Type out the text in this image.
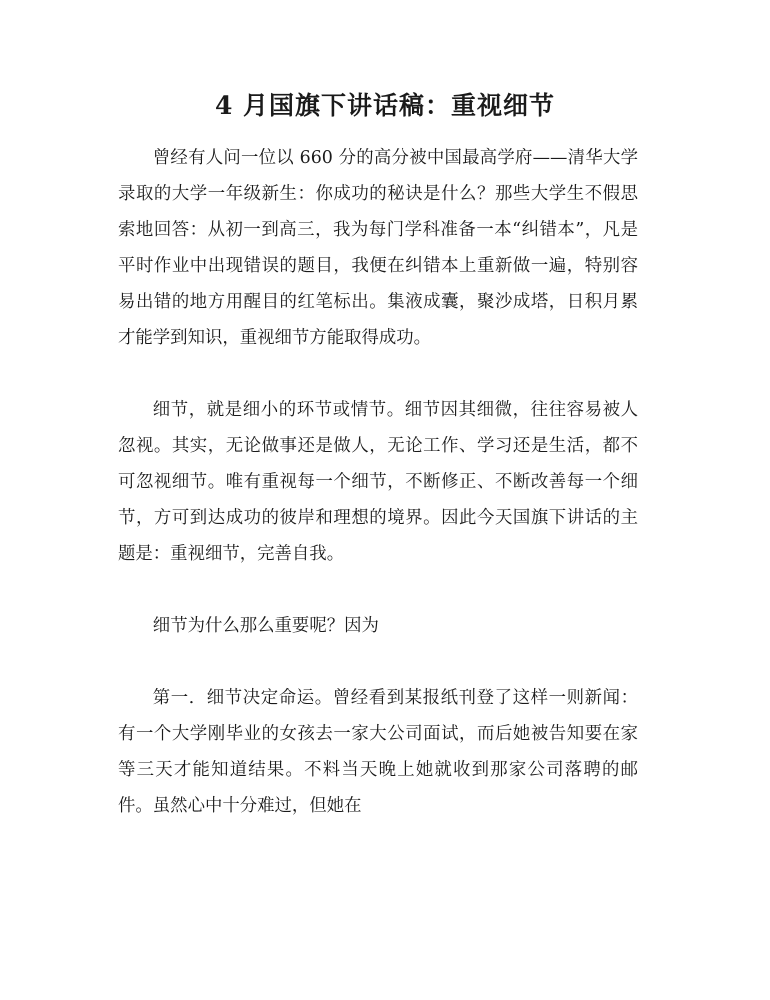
4 月国旗下讲话稿：重视细节

曾经有人问一位以 660 分的高分被中国最高学府——清华大学录取的大学一年级新生：你成功的秘诀是什么？那些大学生不假思索地回答：从初一到高三，我为每门学科准备一本“纠错本”，凡是平时作业中出现错误的题目，我便在纠错本上重新做一遍，特别容易出错的地方用醒目的红笔标出。集液成囊，聚沙成塔，日积月累才能学到知识，重视细节方能取得成功。

细节，就是细小的环节或情节。细节因其细微，往往容易被人忽视。其实，无论做事还是做人，无论工作、学习还是生活，都不可忽视细节。唯有重视每一个细节，不断修正、不断改善每一个细节，方可到达成功的彼岸和理想的境界。因此今天国旗下讲话的主题是：重视细节，完善自我。

细节为什么那么重要呢？因为

第一．细节决定命运。曾经看到某报纸刊登了这样一则新闻：有一个大学刚毕业的女孩去一家大公司面试，而后她被告知要在家等三天才能知道结果。不料当天晚上她就收到那家公司落聘的邮件。虽然心中十分难过，但她在
